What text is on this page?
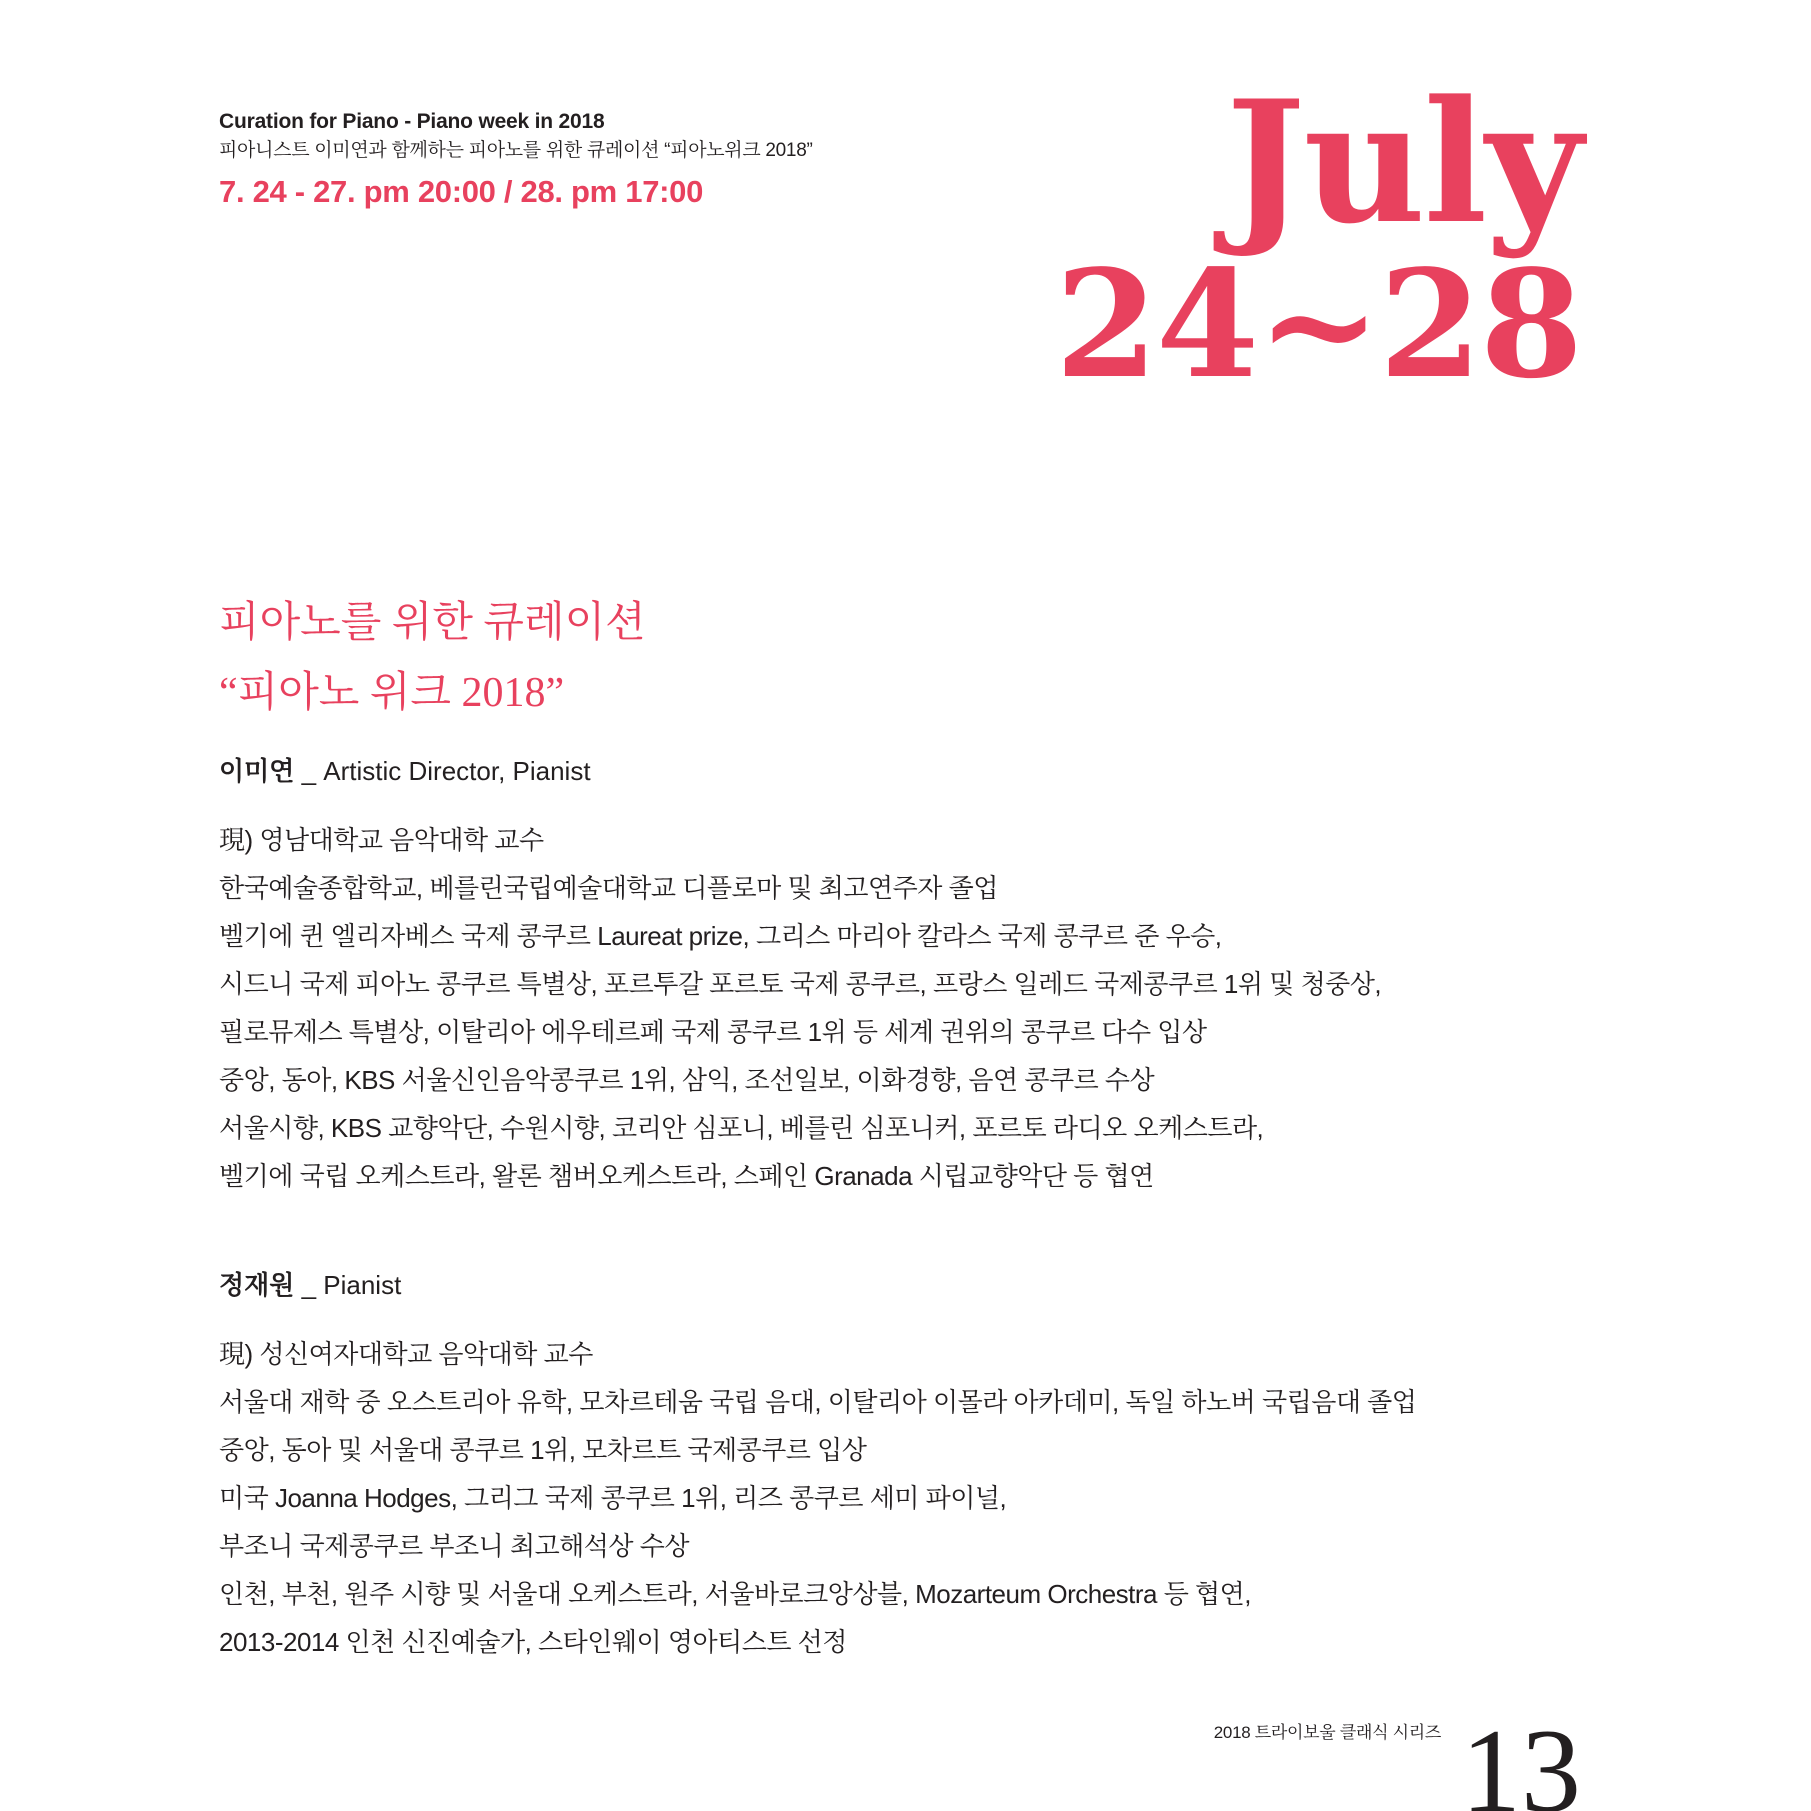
Curation for Piano - Piano week in 2018
피아니스트 이미연과 함께하는 피아노를 위한 큐레이션 “피아노위크 2018”
7. 24 - 27. pm 20:00 / 28. pm 17:00	July
24~28
피아노를 위한 큐레이션
“피아노 위크 2018”
이미연 _ Artistic Director, Pianist
現) 영남대학교 음악대학 교수
한국예술종합학교, 베를린국립예술대학교 디플로마 및 최고연주자 졸업
벨기에 퀸 엘리자베스 국제 콩쿠르 Laureat prize, 그리스 마리아 칼라스 국제 콩쿠르 준 우승,
시드니 국제 피아노 콩쿠르 특별상, 포르투갈 포르토 국제 콩쿠르, 프랑스 일레드 국제콩쿠르 1위 및 청중상,
필로뮤제스 특별상, 이탈리아 에우테르페 국제 콩쿠르 1위 등 세계 권위의 콩쿠르 다수 입상
중앙, 동아, KBS 서울신인음악콩쿠르 1위, 삼익, 조선일보, 이화경향, 음연 콩쿠르 수상
서울시향, KBS 교향악단, 수원시향, 코리안 심포니, 베를린 심포니커, 포르토 라디오 오케스트라,
벨기에 국립 오케스트라, 왈론 챔버오케스트라, 스페인 Granada 시립교향악단 등 협연
정재원 _ Pianist
現) 성신여자대학교 음악대학 교수
서울대 재학 중 오스트리아 유학, 모차르테움 국립 음대, 이탈리아 이몰라 아카데미, 독일 하노버 국립음대 졸업
중앙, 동아 및 서울대 콩쿠르 1위, 모차르트 국제콩쿠르 입상
미국 Joanna Hodges, 그리그 국제 콩쿠르 1위, 리즈 콩쿠르 세미 파이널,
부조니 국제콩쿠르 부조니 최고해석상 수상
인천, 부천, 원주 시향 및 서울대 오케스트라, 서울바로크앙상블, Mozarteum Orchestra 등 협연,
2013-2014 인천 신진예술가, 스타인웨이 영아티스트 선정
2018 트라이보울 클래식 시리즈 13
